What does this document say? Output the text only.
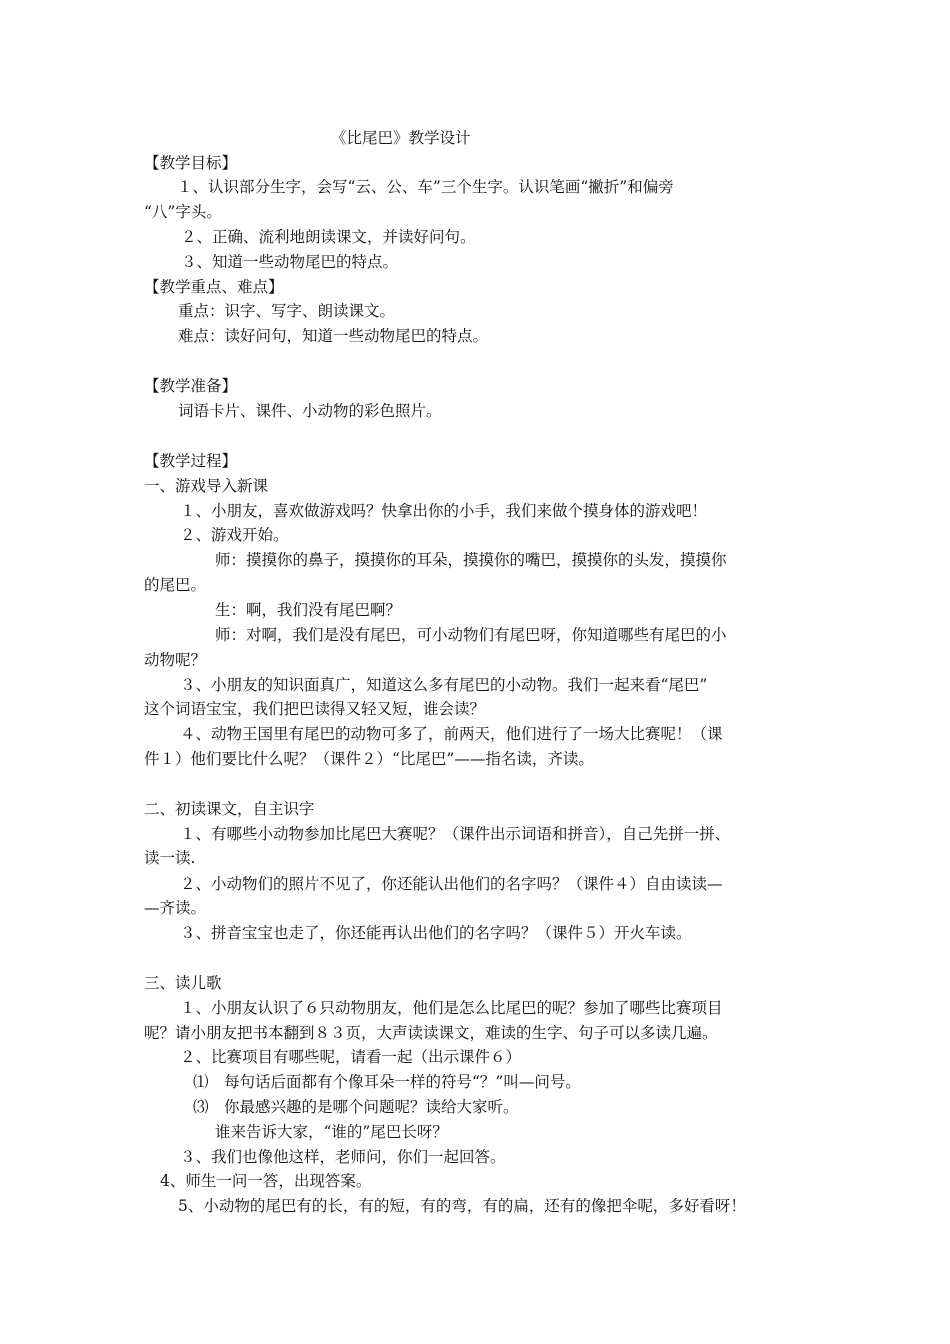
《比尾巴》教学设计
【教学目标】
１、认识部分生字，会写“云、公、车”三个生字。认识笔画“撇折”和偏旁
“八”字头。
２、正确、流利地朗读课文，并读好问句。
３、知道一些动物尾巴的特点。
【教学重点、难点】
重点：识字、写字、朗读课文。
难点：读好问句，知道一些动物尾巴的特点。
【教学准备】
词语卡片、课件、小动物的彩色照片。
【教学过程】
一、游戏导入新课
１、小朋友，喜欢做游戏吗？快拿出你的小手，我们来做个摸身体的游戏吧！
２、游戏开始。
师：摸摸你的鼻子，摸摸你的耳朵，摸摸你的嘴巴，摸摸你的头发，摸摸你
的尾巴。
生：啊，我们没有尾巴啊？
师：对啊，我们是没有尾巴，可小动物们有尾巴呀，你知道哪些有尾巴的小
动物呢？
３、小朋友的知识面真广，知道这么多有尾巴的小动物。我们一起来看“尾巴”
这个词语宝宝，我们把巴读得又轻又短，谁会读？
４、动物王国里有尾巴的动物可多了，前两天，他们进行了一场大比赛呢！（课
件１）他们要比什么呢？（课件２）“比尾巴”——指名读，齐读。
二、初读课文，自主识字
１、有哪些小动物参加比尾巴大赛呢？（课件出示词语和拼音），自己先拼一拼、
读一读.
２、小动物们的照片不见了，你还能认出他们的名字吗？（课件４）自由读读—
—齐读。
３、拼音宝宝也走了，你还能再认出他们的名字吗？（课件５）开火车读。
三、读儿歌
１、小朋友认识了６只动物朋友，他们是怎么比尾巴的呢？参加了哪些比赛项目
呢？请小朋友把书本翻到８３页，大声读读课文，难读的生字、句子可以多读几遍。
２、比赛项目有哪些呢，请看一起（出示课件６）
⑴　每句话后面都有个像耳朵一样的符号“？”叫—问号。
⑶　你最感兴趣的是哪个问题呢？读给大家听。
谁来告诉大家，“谁的”尾巴长呀？
３、我们也像他这样，老师问，你们一起回答。
4、师生一问一答，出现答案。
5、小动物的尾巴有的长，有的短，有的弯，有的扁，还有的像把伞呢，多好看呀！
